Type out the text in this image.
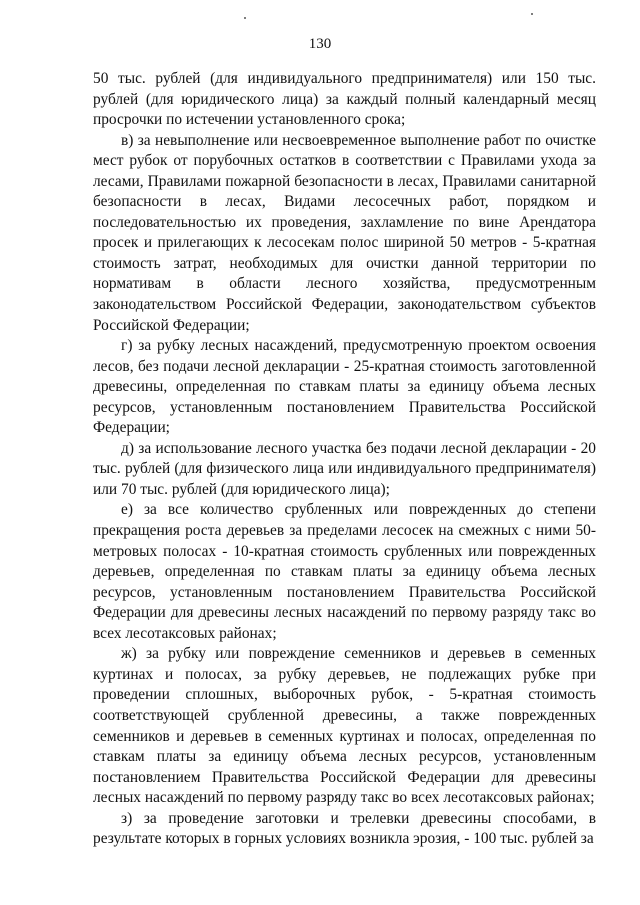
130

50 тыс. рублей (для индивидуального предпринимателя) или 150 тыс. рублей (для юридического лица) за каждый полный календарный месяц просрочки по истечении установленного срока;

в) за невыполнение или несвоевременное выполнение работ по очистке мест рубок от порубочных остатков в соответствии с Правилами ухода за лесами, Правилами пожарной безопасности в лесах, Правилами санитарной безопасности в лесах, Видами лесосечных работ, порядком и последовательностью их проведения, захламление по вине Арендатора просек и прилегающих к лесосекам полос шириной 50 метров - 5-кратная стоимость затрат, необходимых для очистки данной территории по нормативам в области лесного хозяйства, предусмотренным законодательством Российской Федерации, законодательством субъектов Российской Федерации;

г) за рубку лесных насаждений, предусмотренную проектом освоения лесов, без подачи лесной декларации - 25-кратная стоимость заготовленной древесины, определенная по ставкам платы за единицу объема лесных ресурсов, установленным постановлением Правительства Российской Федерации;

д) за использование лесного участка без подачи лесной декларации - 20 тыс. рублей (для физического лица или индивидуального предпринимателя) или 70 тыс. рублей (для юридического лица);

е) за все количество срубленных или поврежденных до степени прекращения роста деревьев за пределами лесосек на смежных с ними 50-метровых полосах - 10-кратная стоимость срубленных или поврежденных деревьев, определенная по ставкам платы за единицу объема лесных ресурсов, установленным постановлением Правительства Российской Федерации для древесины лесных насаждений по первому разряду такс во всех лесотаксовых районах;

ж) за рубку или повреждение семенников и деревьев в семенных куртинах и полосах, за рубку деревьев, не подлежащих рубке при проведении сплошных, выборочных рубок, - 5-кратная стоимость соответствующей срубленной древесины, а также поврежденных семенников и деревьев в семенных куртинах и полосах, определенная по ставкам платы за единицу объема лесных ресурсов, установленным постановлением Правительства Российской Федерации для древесины лесных насаждений по первому разряду такс во всех лесотаксовых районах;

з) за проведение заготовки и трелевки древесины способами, в результате которых в горных условиях возникла эрозия, - 100 тыс. рублей за
